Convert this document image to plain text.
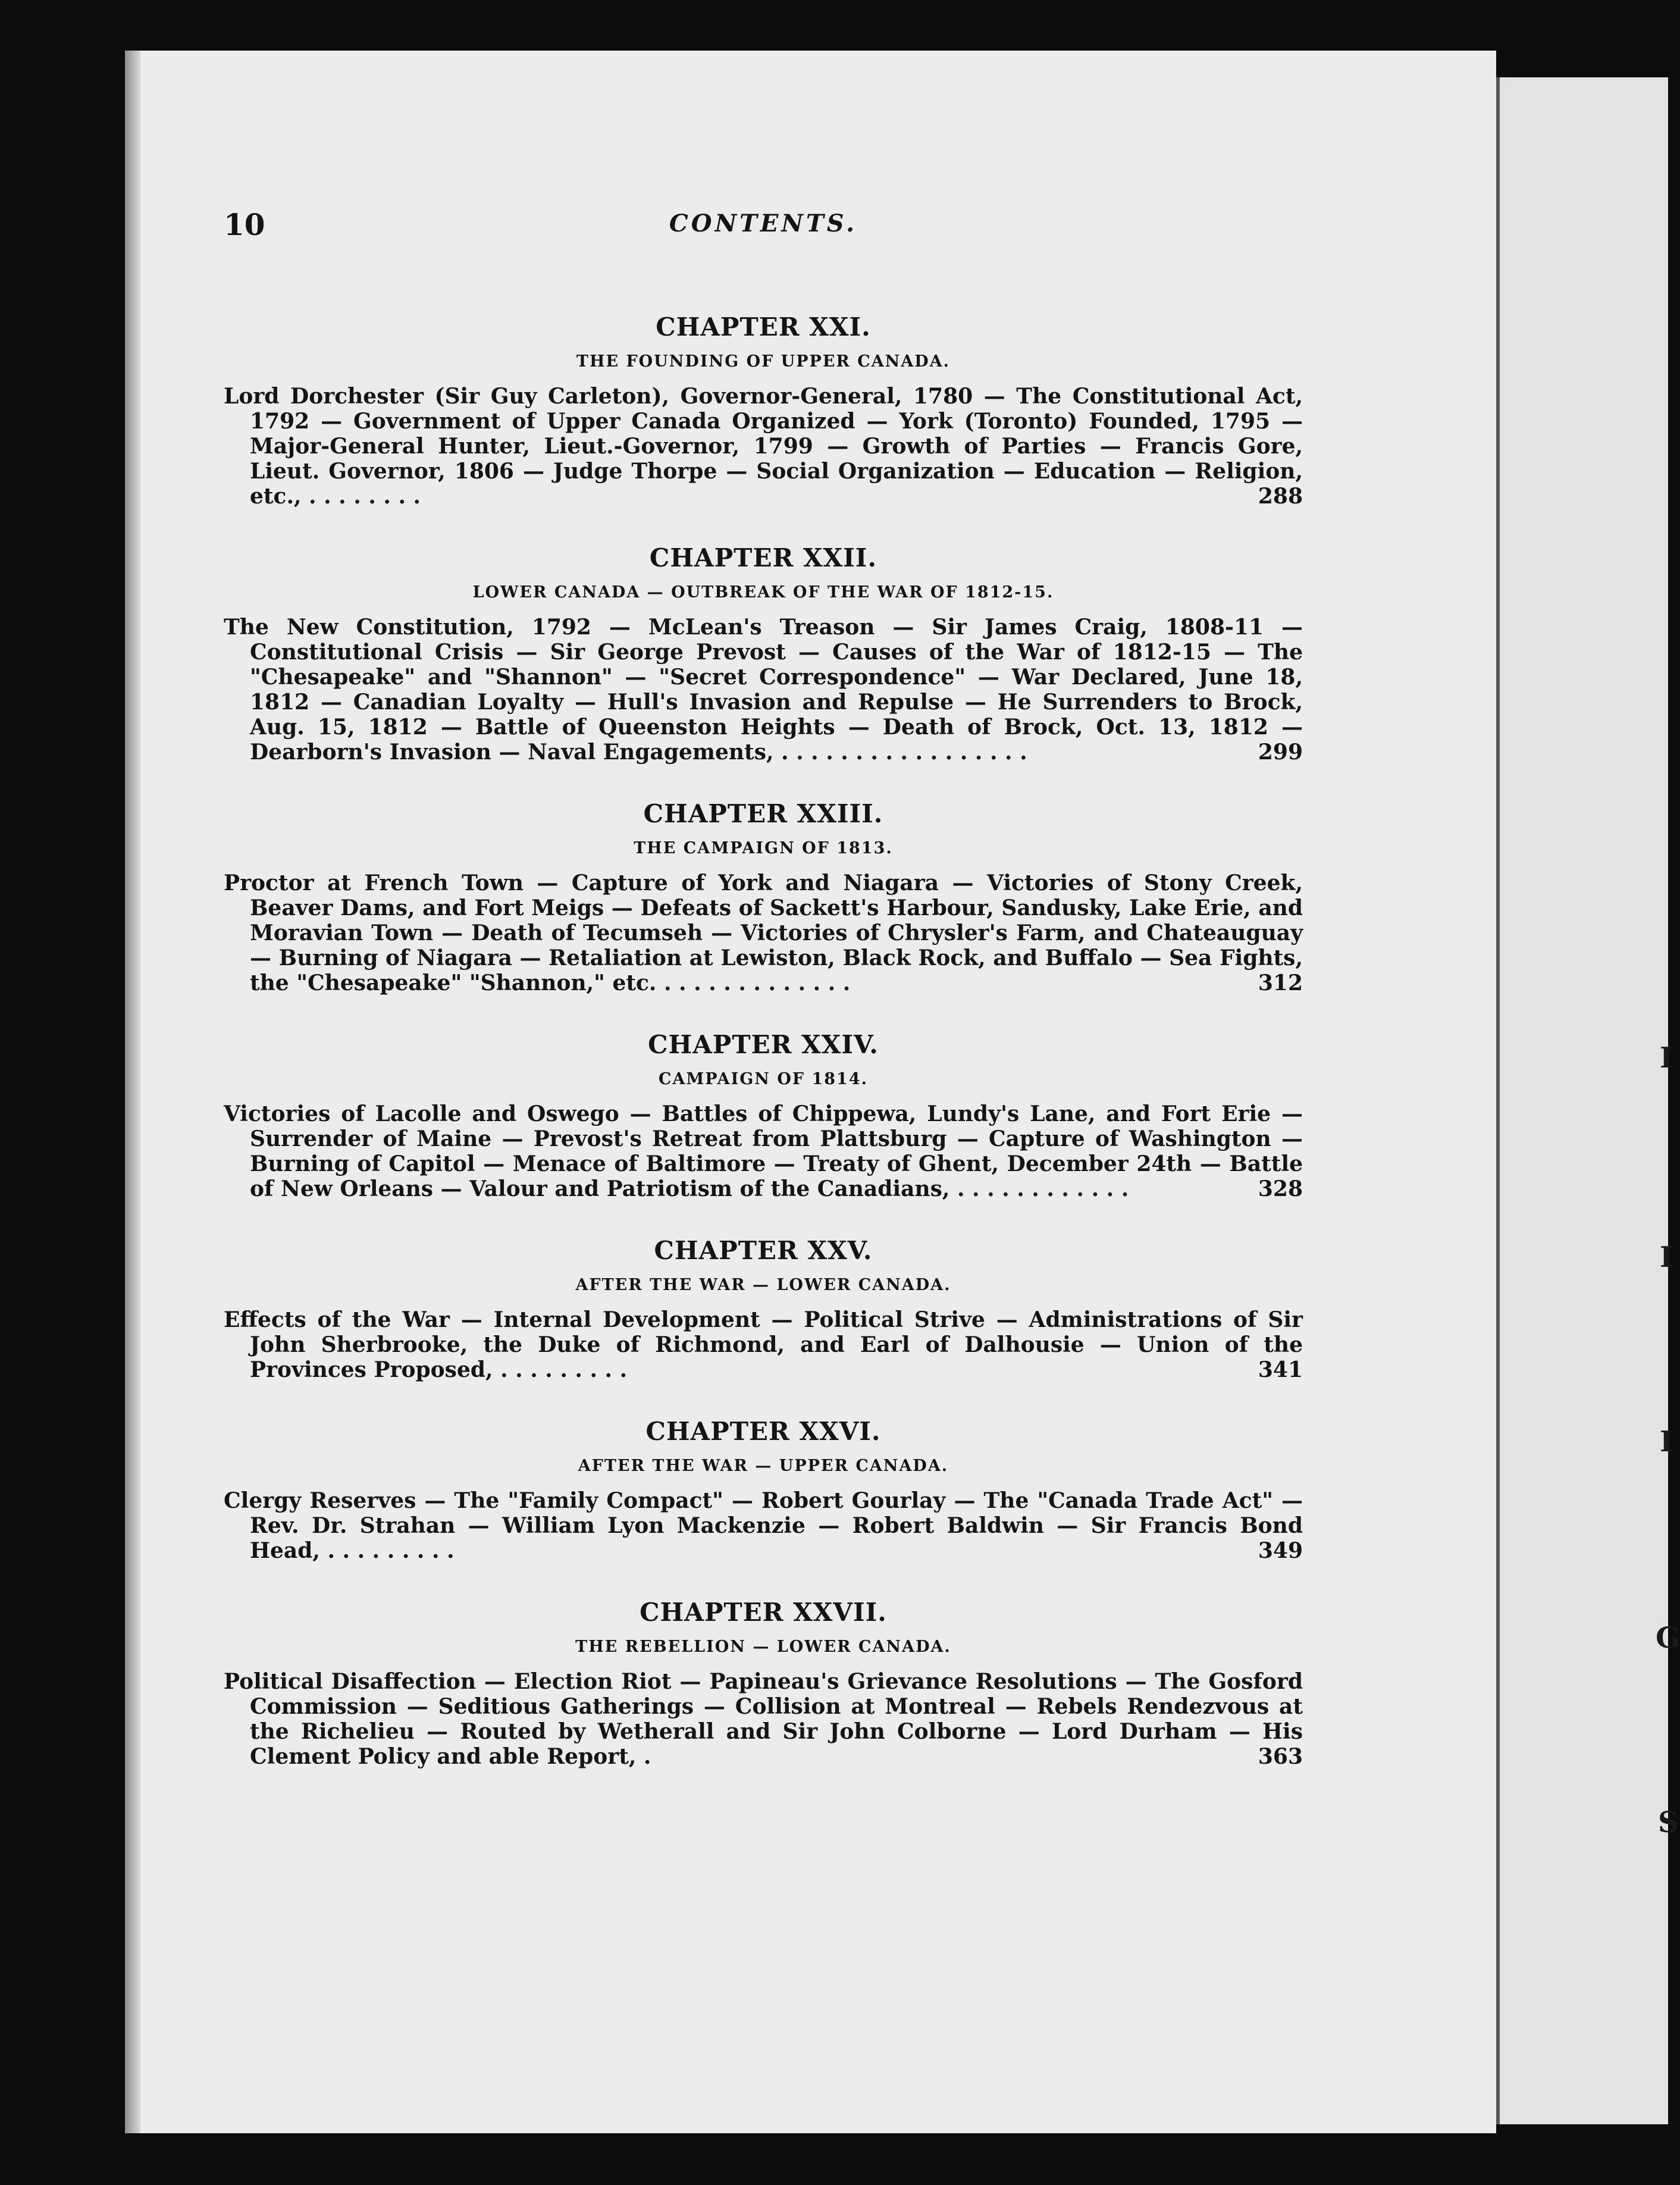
10	CONTENTS.
CHAPTER XXI.
THE FOUNDING OF UPPER CANADA.

Lord Dorchester (Sir Guy Carleton), Governor-General, 1780 — The Constitutional Act, 1792 — Government of Upper Canada Organized — York (Toronto) Founded, 1795 — Major-General Hunter, Lieut.-Governor, 1799 — Growth of Parties — Francis Gore, Lieut. Governor, 1806 — Judge Thorpe — Social Organization — Education — Religion, etc., . . . . . . . .	288

CHAPTER XXII.
LOWER CANADA — OUTBREAK OF THE WAR OF 1812-15.

The New Constitution, 1792 — McLean's Treason — Sir James Craig, 1808-11 — Constitutional Crisis — Sir George Prevost — Causes of the War of 1812-15 — The "Chesapeake" and "Shannon" — "Secret Correspondence" — War Declared, June 18, 1812 — Canadian Loyalty — Hull's Invasion and Repulse — He Surrenders to Brock, Aug. 15, 1812 — Battle of Queenston Heights — Death of Brock, Oct. 13, 1812 — Dearborn's Invasion — Naval Engagements, . . . . . . . . . . . . . . . . .	299

CHAPTER XXIII.
THE CAMPAIGN OF 1813.

Proctor at French Town — Capture of York and Niagara — Victories of Stony Creek, Beaver Dams, and Fort Meigs — Defeats of Sackett's Harbour, Sandusky, Lake Erie, and Moravian Town — Death of Tecumseh — Victories of Chrysler's Farm, and Chateauguay — Burning of Niagara — Retaliation at Lewiston, Black Rock, and Buffalo — Sea Fights, the "Chesapeake" "Shannon," etc. . . . . . . . . . . . . .	312

CHAPTER XXIV.
CAMPAIGN OF 1814.

Victories of Lacolle and Oswego — Battles of Chippewa, Lundy's Lane, and Fort Erie — Surrender of Maine — Prevost's Retreat from Plattsburg — Capture of Washington — Burning of Capitol — Menace of Baltimore — Treaty of Ghent, December 24th — Battle of New Orleans — Valour and Patriotism of the Canadians, . . . . . . . . . . . .	328

CHAPTER XXV.
AFTER THE WAR — LOWER CANADA.

Effects of the War — Internal Development — Political Strive — Administrations of Sir John Sherbrooke, the Duke of Richmond, and Earl of Dalhousie — Union of the Provinces Proposed, . . . . . . . . .	341

CHAPTER XXVI.
AFTER THE WAR — UPPER CANADA.

Clergy Reserves — The "Family Compact" — Robert Gourlay — The "Canada Trade Act" — Rev. Dr. Strahan — William Lyon Mackenzie — Robert Baldwin — Sir Francis Bond Head, . . . . . . . . .	349

CHAPTER XXVII.
THE REBELLION — LOWER CANADA.

Political Disaffection — Election Riot — Papineau's Grievance Resolutions — The Gosford Commission — Seditious Gatherings — Collision at Montreal — Rebels Rendezvous at the Richelieu — Routed by Wetherall and Sir John Colborne — Lord Durham — His Clement Policy and able Report, .	363

I
I
I
G
S
